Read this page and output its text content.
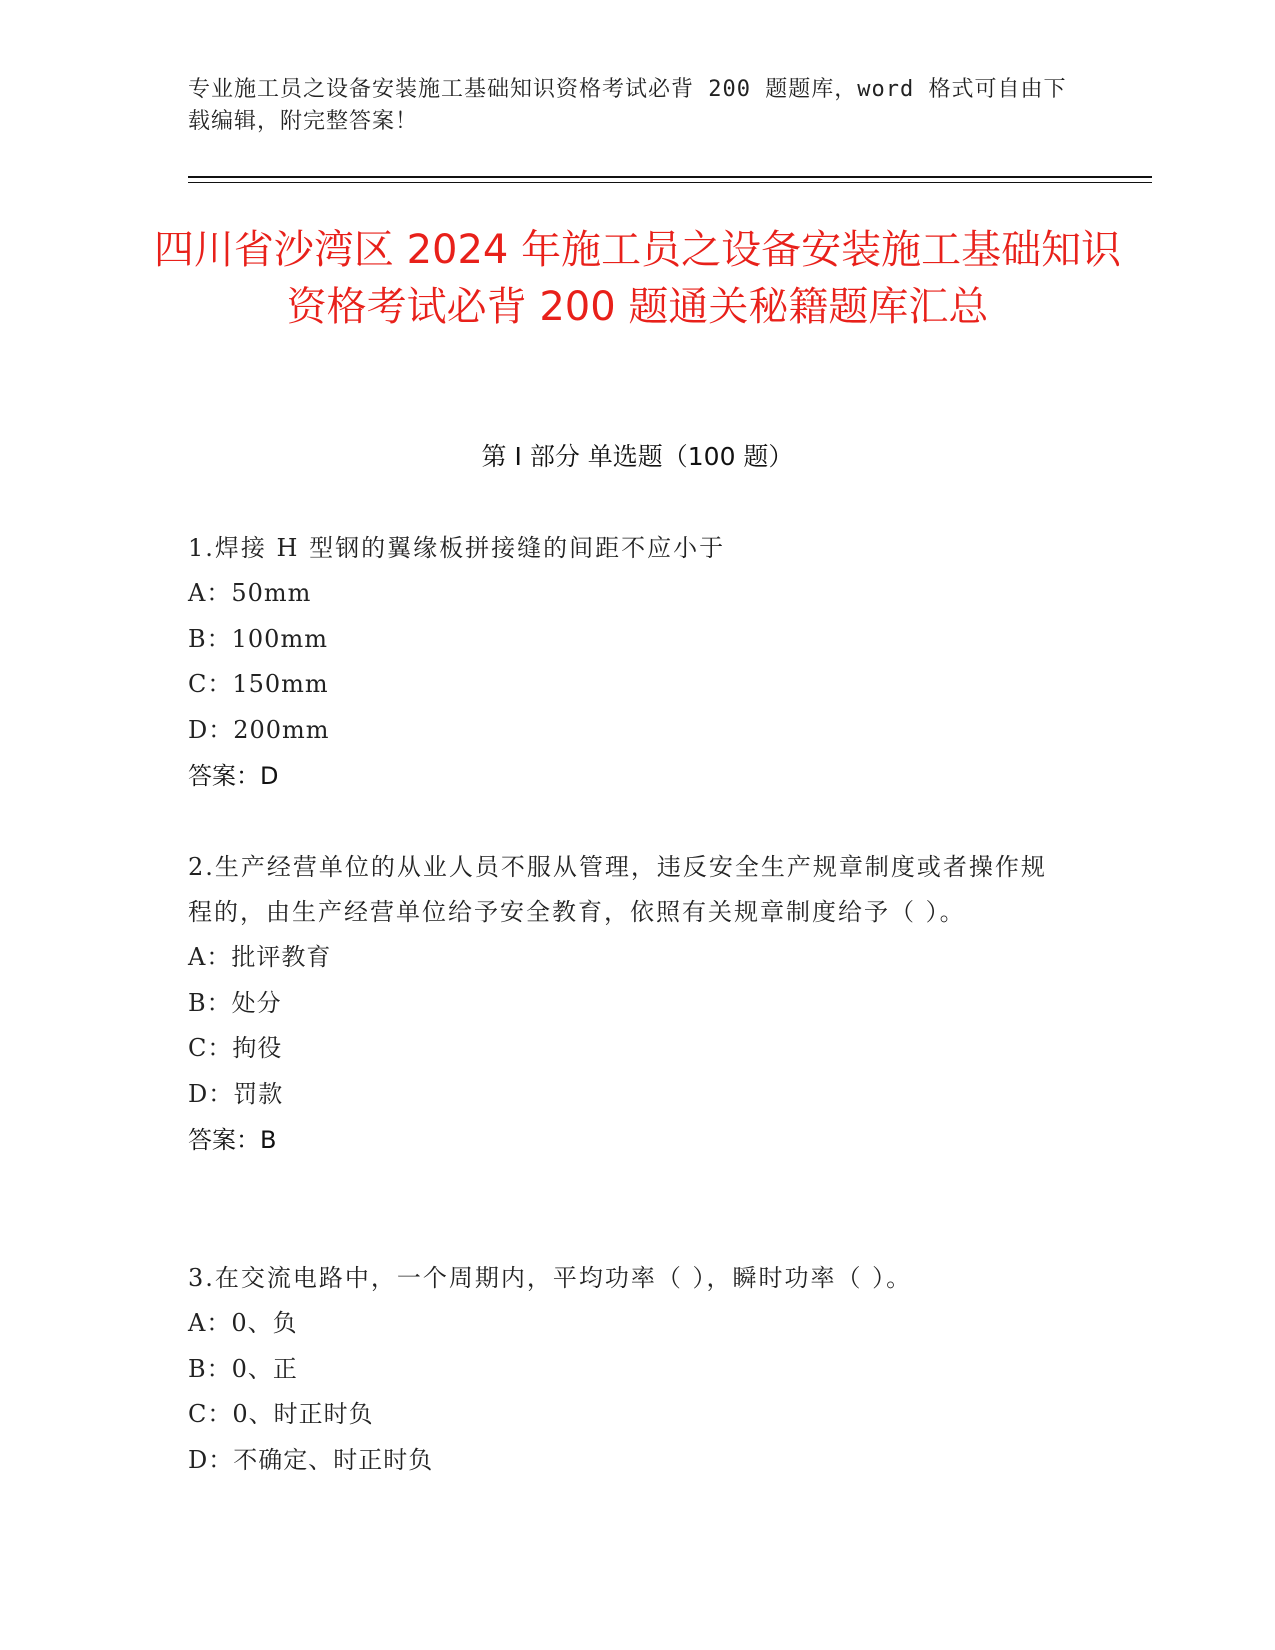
专业施工员之设备安装施工基础知识资格考试必背 200 题题库，word 格式可自由下载编辑，附完整答案！
四川省沙湾区 2024 年施工员之设备安装施工基础知识资格考试必背 200 题通关秘籍题库汇总
第 I 部分 单选题（100 题）
1.焊接 H 型钢的翼缘板拼接缝的间距不应小于
A：50mm
B：100mm
C：150mm
D：200mm
答案：D
2.生产经营单位的从业人员不服从管理，违反安全生产规章制度或者操作规程的，由生产经营单位给予安全教育，依照有关规章制度给予（ ）。
A：批评教育
B：处分
C：拘役
D：罚款
答案：B
3.在交流电路中，一个周期内，平均功率（ ），瞬时功率（ ）。
A：0、负
B：0、正
C：0、时正时负
D：不确定、时正时负
